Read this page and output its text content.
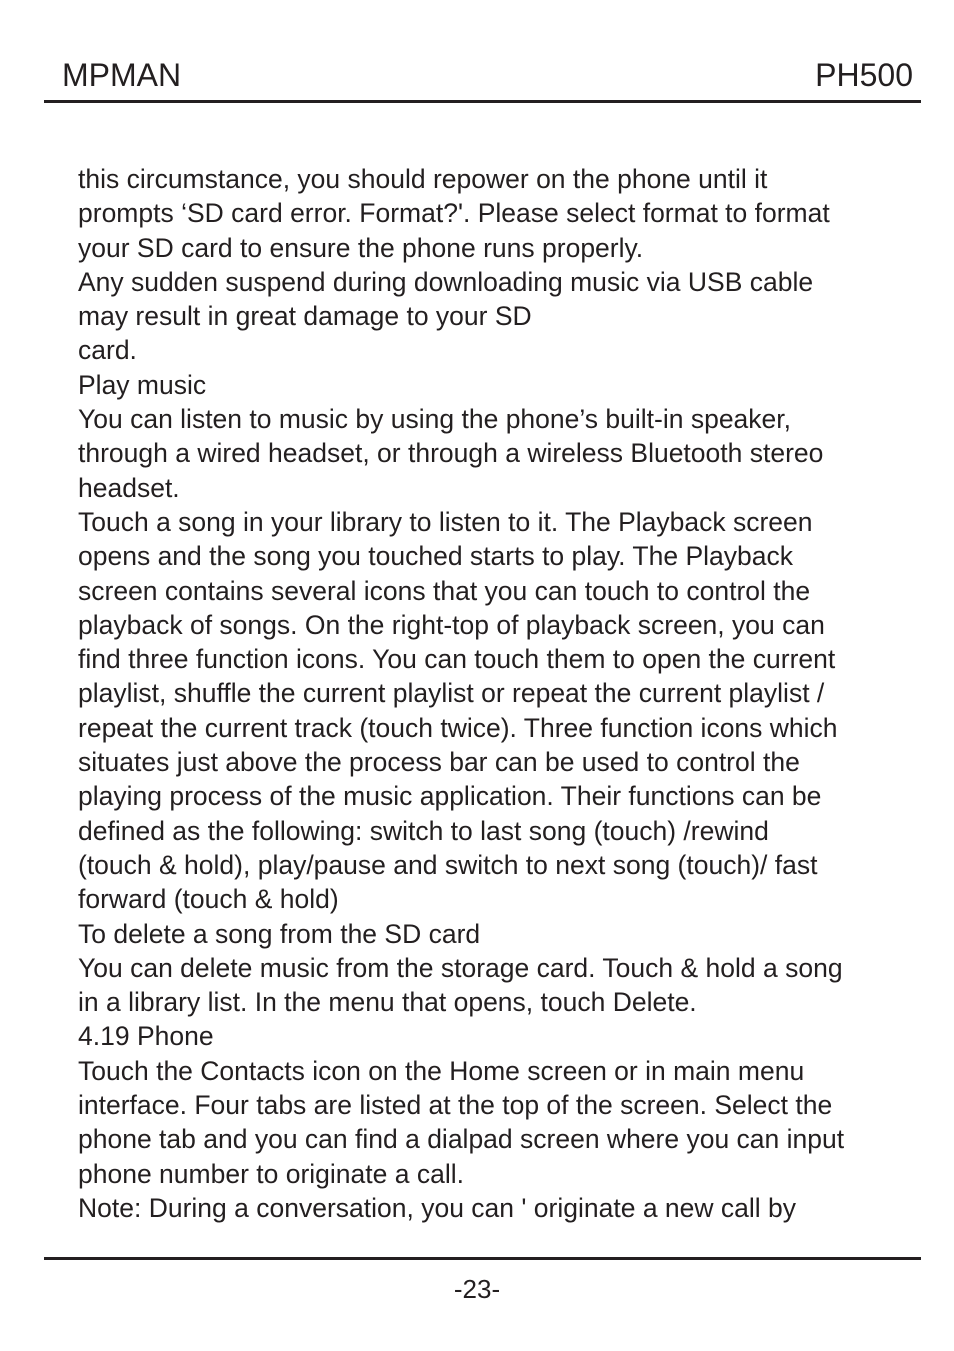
MPMAN	PH500

this circumstance, you should repower on the phone until it

prompts ‘SD card error. Format?'. Please select format to format

your SD card to ensure the phone runs properly.

Any sudden suspend during downloading music via USB cable

may result in great damage to your SD

card.

Play music

You can listen to music by using the phone’s built-in speaker,

through a wired headset, or through a wireless Bluetooth stereo

headset.

Touch a song in your library to listen to it. The Playback screen

opens and the song you touched starts to play. The Playback

screen contains several icons that you can touch to control the

playback of songs. On the right-top of playback screen, you can

find three function icons. You can touch them to open the current

playlist, shuffle the current playlist or repeat the current playlist /

repeat the current track (touch twice). Three function icons which

situates just above the process bar can be used to control the

playing process of the music application. Their functions can be

defined as the following: switch to last song (touch) /rewind

(touch & hold), play/pause and switch to next song (touch)/ fast

forward (touch & hold)

To delete a song from the SD card

You can delete music from the storage card. Touch & hold a song

in a library list. In the menu that opens, touch Delete.

4.19 Phone

Touch the Contacts icon on the Home screen or in main menu

interface. Four tabs are listed at the top of the screen. Select the

phone tab and you can find a dialpad screen where you can input

phone number to originate a call.

Note: During a conversation, you can ' originate a new call by

-23-
